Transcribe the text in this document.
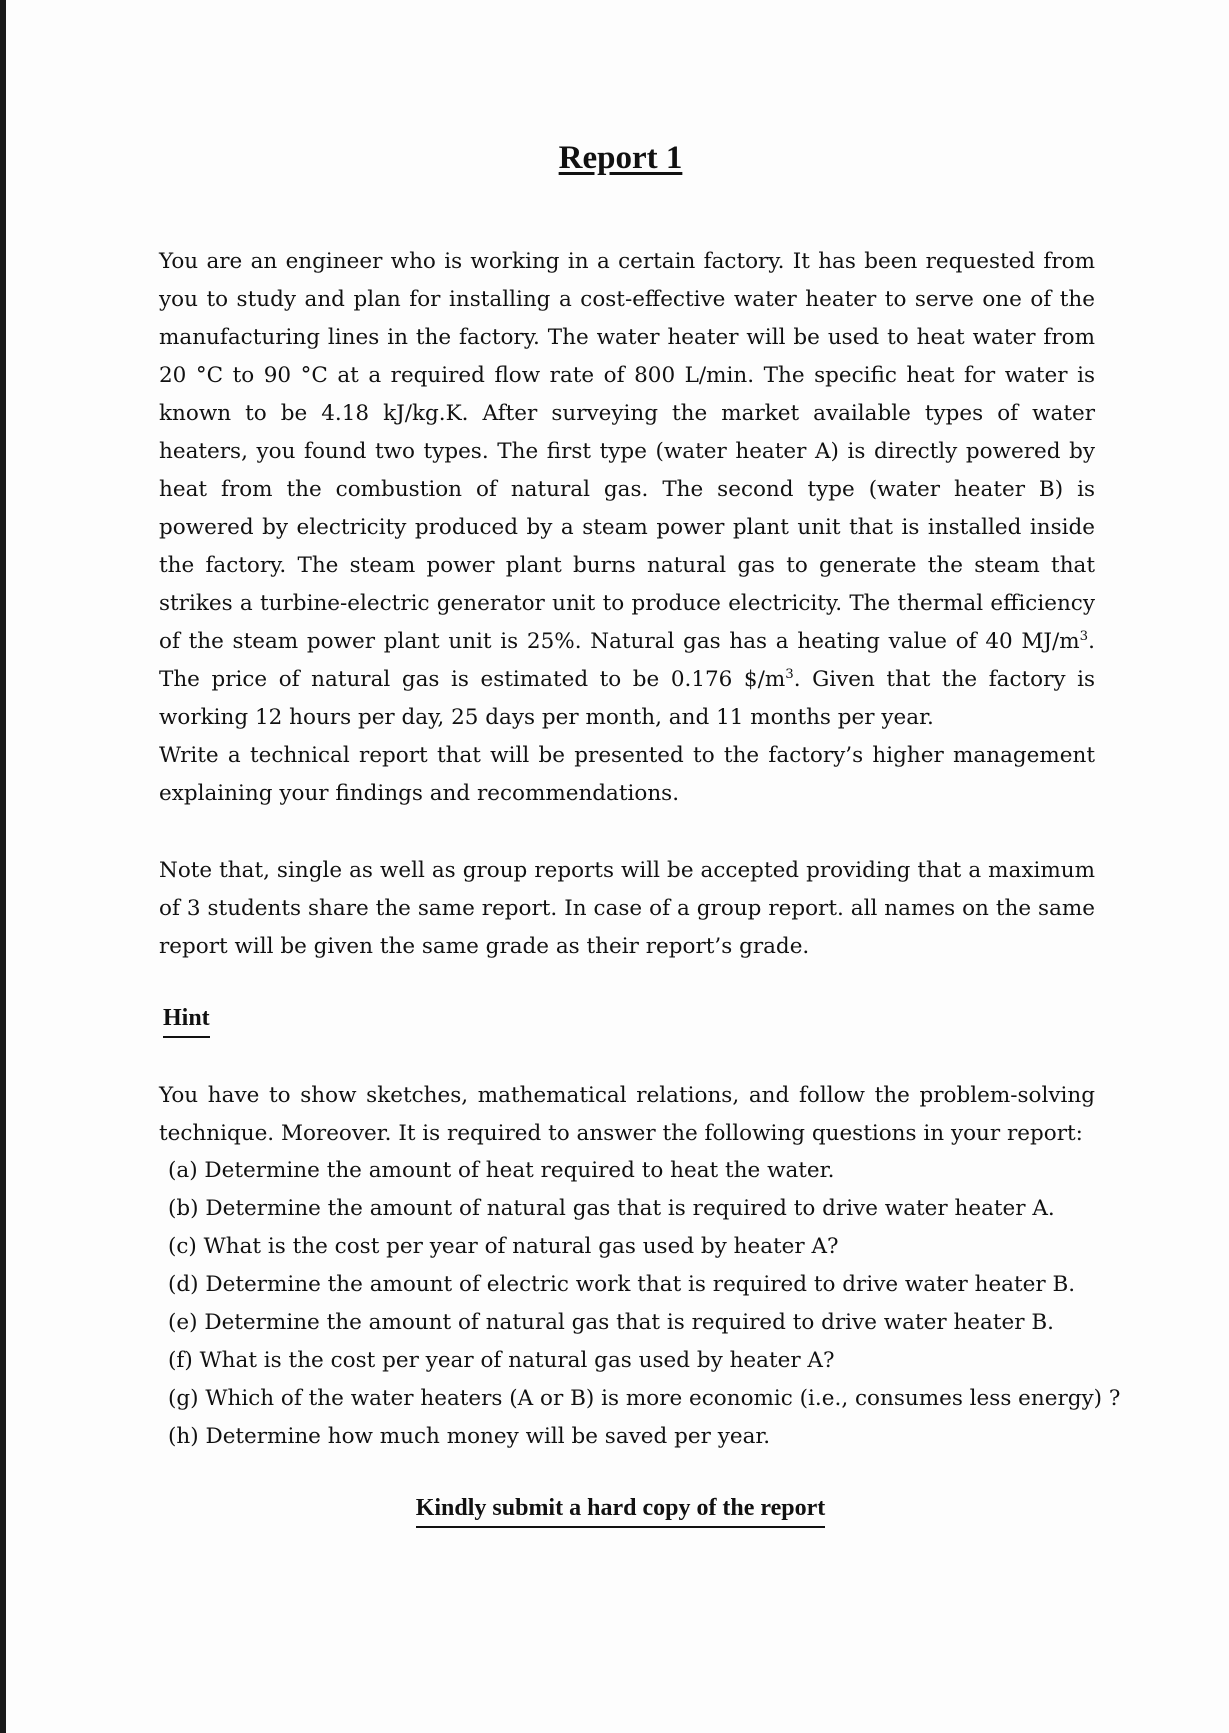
Report 1

You are an engineer who is working in a certain factory. It has been requested from you to study and plan for installing a cost-effective water heater to serve one of the manufacturing lines in the factory. The water heater will be used to heat water from 20 °C to 90 °C at a required flow rate of 800 L/min. The specific heat for water is known to be 4.18 kJ/kg.K. After surveying the market available types of water heaters, you found two types. The first type (water heater A) is directly powered by heat from the combustion of natural gas. The second type (water heater B) is powered by electricity produced by a steam power plant unit that is installed inside the factory. The steam power plant burns natural gas to generate the steam that strikes a turbine-electric generator unit to produce electricity. The thermal efficiency of the steam power plant unit is 25%. Natural gas has a heating value of 40 $MJ/m^3$. The price of natural gas is estimated to be 0.176 $\$/m^3$. Given that the factory is working 12 hours per day, 25 days per month, and 11 months per year.

Write a technical report that will be presented to the factory’s higher management explaining your findings and recommendations.

Note that, single as well as group reports will be accepted providing that a maximum of 3 students share the same report. In case of a group report. all names on the same report will be given the same grade as their report’s grade.

Hint

You have to show sketches, mathematical relations, and follow the problem-solving technique. Moreover. It is required to answer the following questions in your report:

(a) Determine the amount of heat required to heat the water.
(b) Determine the amount of natural gas that is required to drive water heater A.
(c) What is the cost per year of natural gas used by heater A?
(d) Determine the amount of electric work that is required to drive water heater B.
(e) Determine the amount of natural gas that is required to drive water heater B.
(f) What is the cost per year of natural gas used by heater A?
(g) Which of the water heaters (A or B) is more economic (i.e., consumes less energy) ?
(h) Determine how much money will be saved per year.

Kindly submit a hard copy of the report
